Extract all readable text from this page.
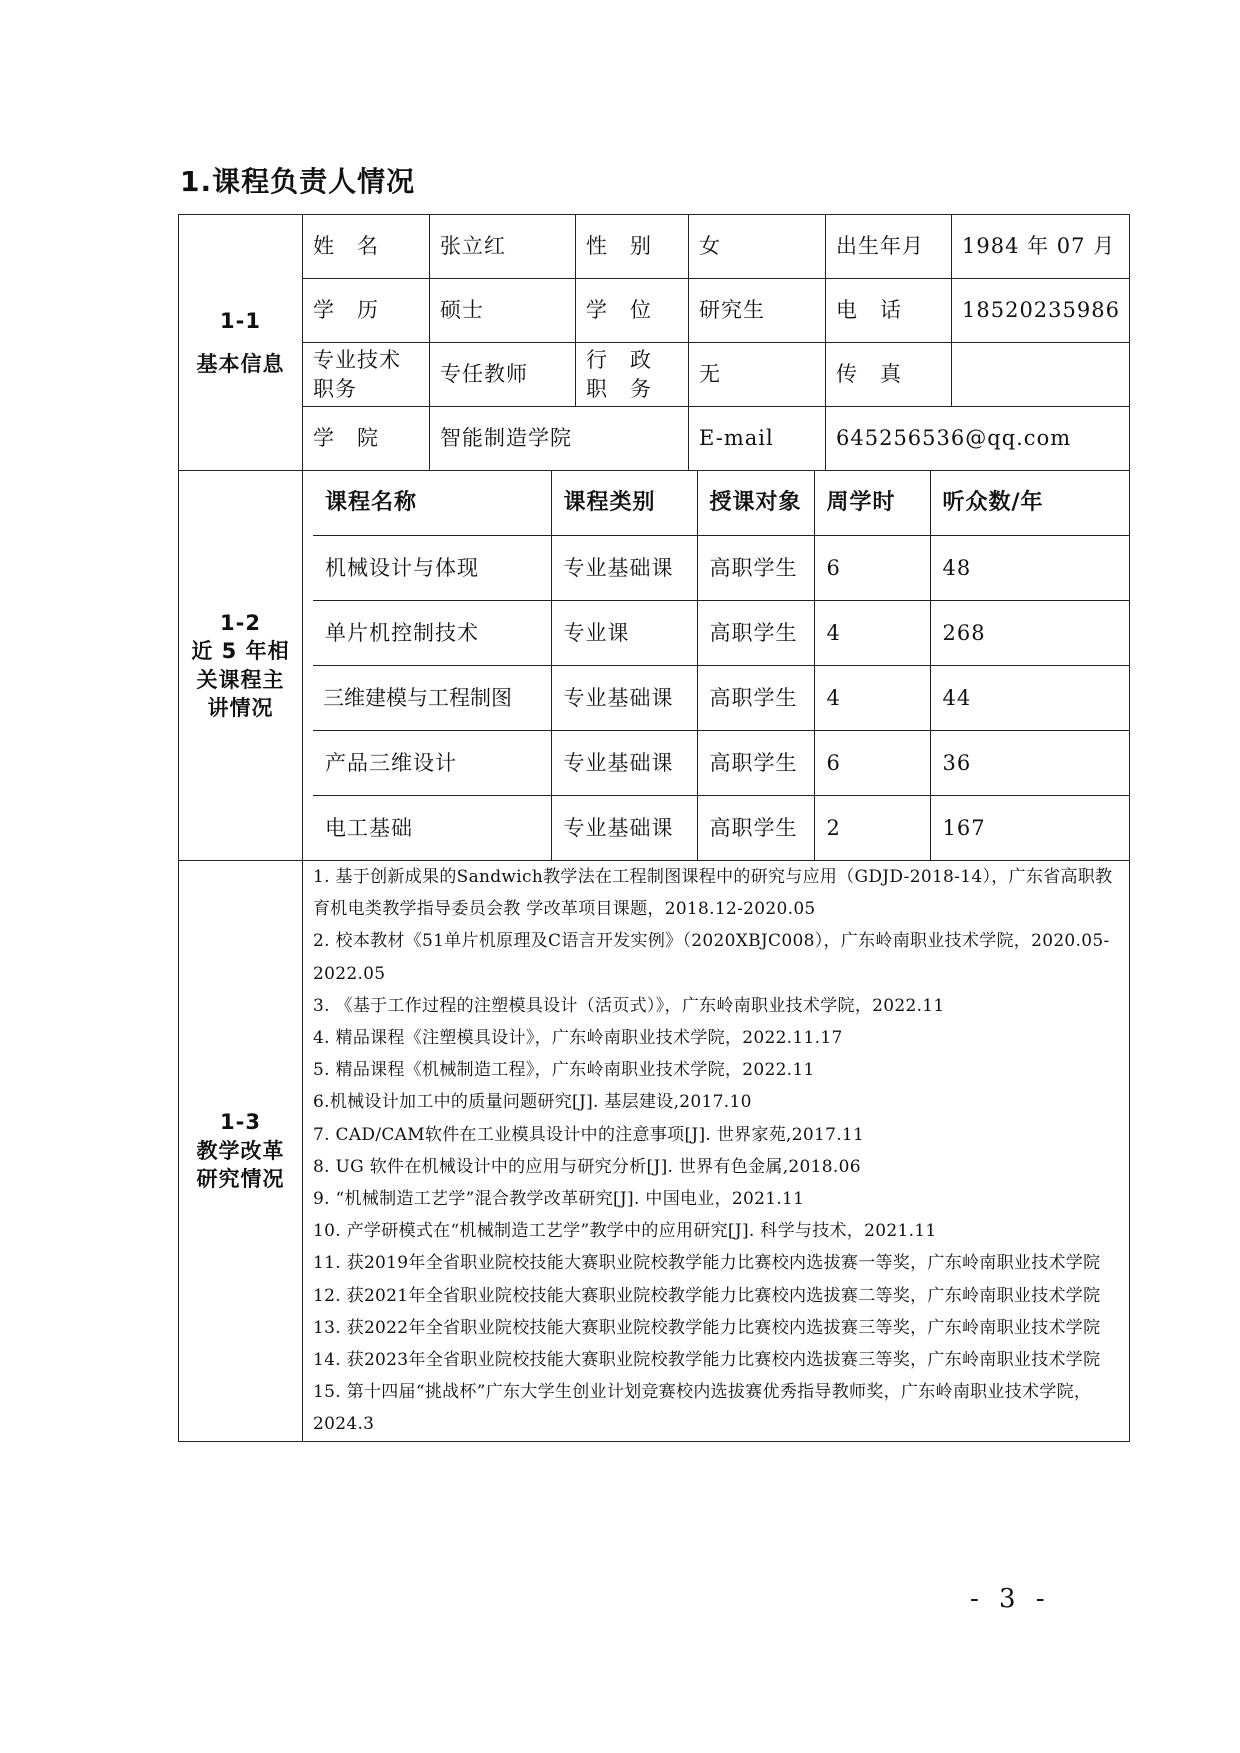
1.课程负责人情况
1-1
基本信息
	姓　名	张立红	性　别	女	出生年月	1984 年 07 月
学　历	硕士	学　位	研究生	电　话	18520235986
专业技术职务	专任教师	行　政　职　务	无	传　真	
学　院	智能制造学院	E-mail	645256536@qq.com

1-2
近 5 年相
关课程主
讲情况

课程名称	课程类别	授课对象	周学时	听众数/年
机械设计与体现	专业基础课	高职学生	6	48
单片机控制技术	专业课	高职学生	4	268
三维建模与工程制图	专业基础课	高职学生	4	44
产品三维设计	专业基础课	高职学生	6	36
电工基础	专业基础课	高职学生	2	167

1-3
教学改革
研究情况

1. 基于创新成果的Sandwich教学法在工程制图课程中的研究与应用（GDJD-2018-14），广东省高职教育机电类教学指导委员会教 学改革项目课题，2018.12-2020.05
2. 校本教材《51单片机原理及C语言开发实例》（2020XBJC008），广东岭南职业技术学院，2020.05-2022.05
3. 《基于工作过程的注塑模具设计（活页式）》，广东岭南职业技术学院，2022.11
4. 精品课程《注塑模具设计》，广东岭南职业技术学院，2022.11.17
5. 精品课程《机械制造工程》，广东岭南职业技术学院，2022.11
6.机械设计加工中的质量问题研究[J]. 基层建设,2017.10
7. CAD/CAM软件在工业模具设计中的注意事项[J]. 世界家苑,2017.11
8. UG 软件在机械设计中的应用与研究分析[J]. 世界有色金属,2018.06
9. “机械制造工艺学”混合教学改革研究[J]. 中国电业，2021.11
10. 产学研模式在“机械制造工艺学”教学中的应用研究[J]. 科学与技术，2021.11
11. 获2019年全省职业院校技能大赛职业院校教学能力比赛校内选拔赛一等奖，广东岭南职业技术学院
12. 获2021年全省职业院校技能大赛职业院校教学能力比赛校内选拔赛二等奖，广东岭南职业技术学院
13. 获2022年全省职业院校技能大赛职业院校教学能力比赛校内选拔赛三等奖，广东岭南职业技术学院
14. 获2023年全省职业院校技能大赛职业院校教学能力比赛校内选拔赛三等奖，广东岭南职业技术学院
15. 第十四届“挑战杯”广东大学生创业计划竞赛校内选拔赛优秀指导教师奖，广东岭南职业技术学院，2024.3
- 3 -
